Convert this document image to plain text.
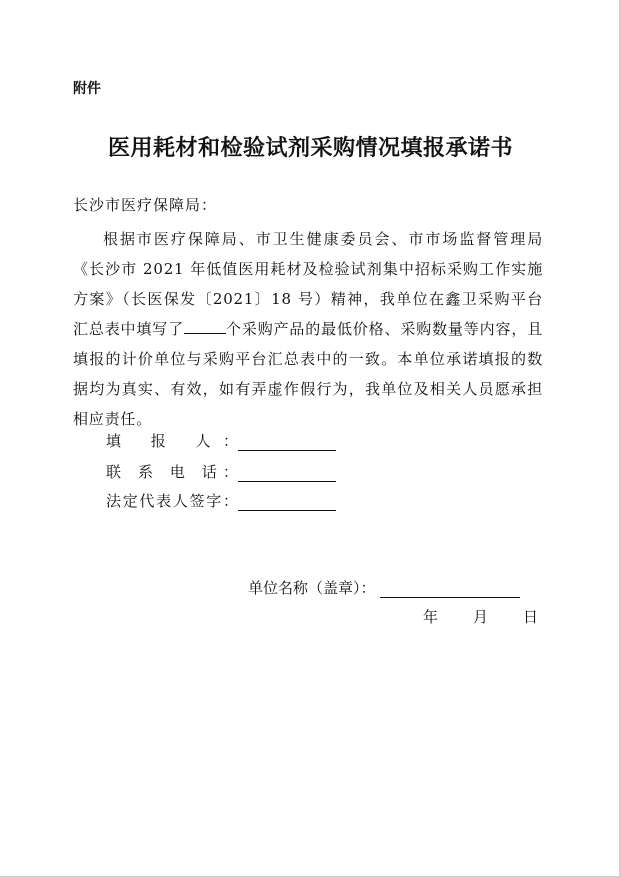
附件
医用耗材和检验试剂采购情况填报承诺书
长沙市医疗保障局：
根据市医疗保障局、市卫生健康委员会、市市场监督管理局《长沙市 2021 年低值医用耗材及检验试剂集中招标采购工作实施方案》（长医保发〔2021〕18 号）精神，我单位在鑫卫采购平台汇总表中填写了	个采购产品的最低价格、采购数量等内容，且填报的计价单位与采购平台汇总表中的一致。本单位承诺填报的数据均为真实、有效，如有弄虚作假行为，我单位及相关人员愿承担相应责任。
填 报 人：
联 系 电 话：
法定代表人签字：
单位名称（盖章）：
年 月 日
